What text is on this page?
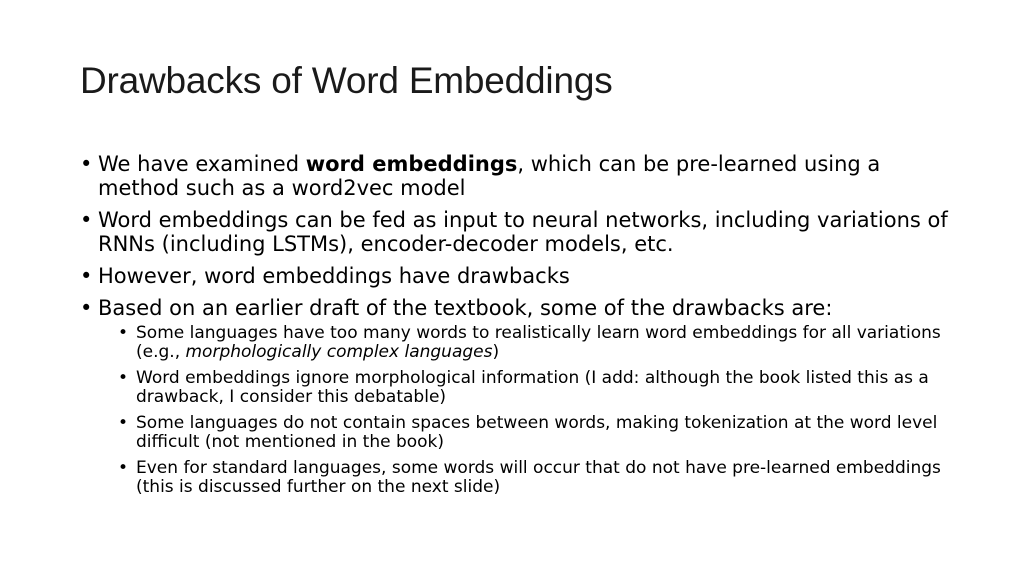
Drawbacks of Word Embeddings
• We have examined word embeddings, which can be pre-learned using a method such as a word2vec model
• Word embeddings can be fed as input to neural networks, including variations of RNNs (including LSTMs), encoder-decoder models, etc.
• However, word embeddings have drawbacks
• Based on an earlier draft of the textbook, some of the drawbacks are:
• Some languages have too many words to realistically learn word embeddings for all variations (e.g., morphologically complex languages)
• Word embeddings ignore morphological information (I add: although the book listed this as a drawback, I consider this debatable)
• Some languages do not contain spaces between words, making tokenization at the word level difficult (not mentioned in the book)
• Even for standard languages, some words will occur that do not have pre-learned embeddings (this is discussed further on the next slide)
